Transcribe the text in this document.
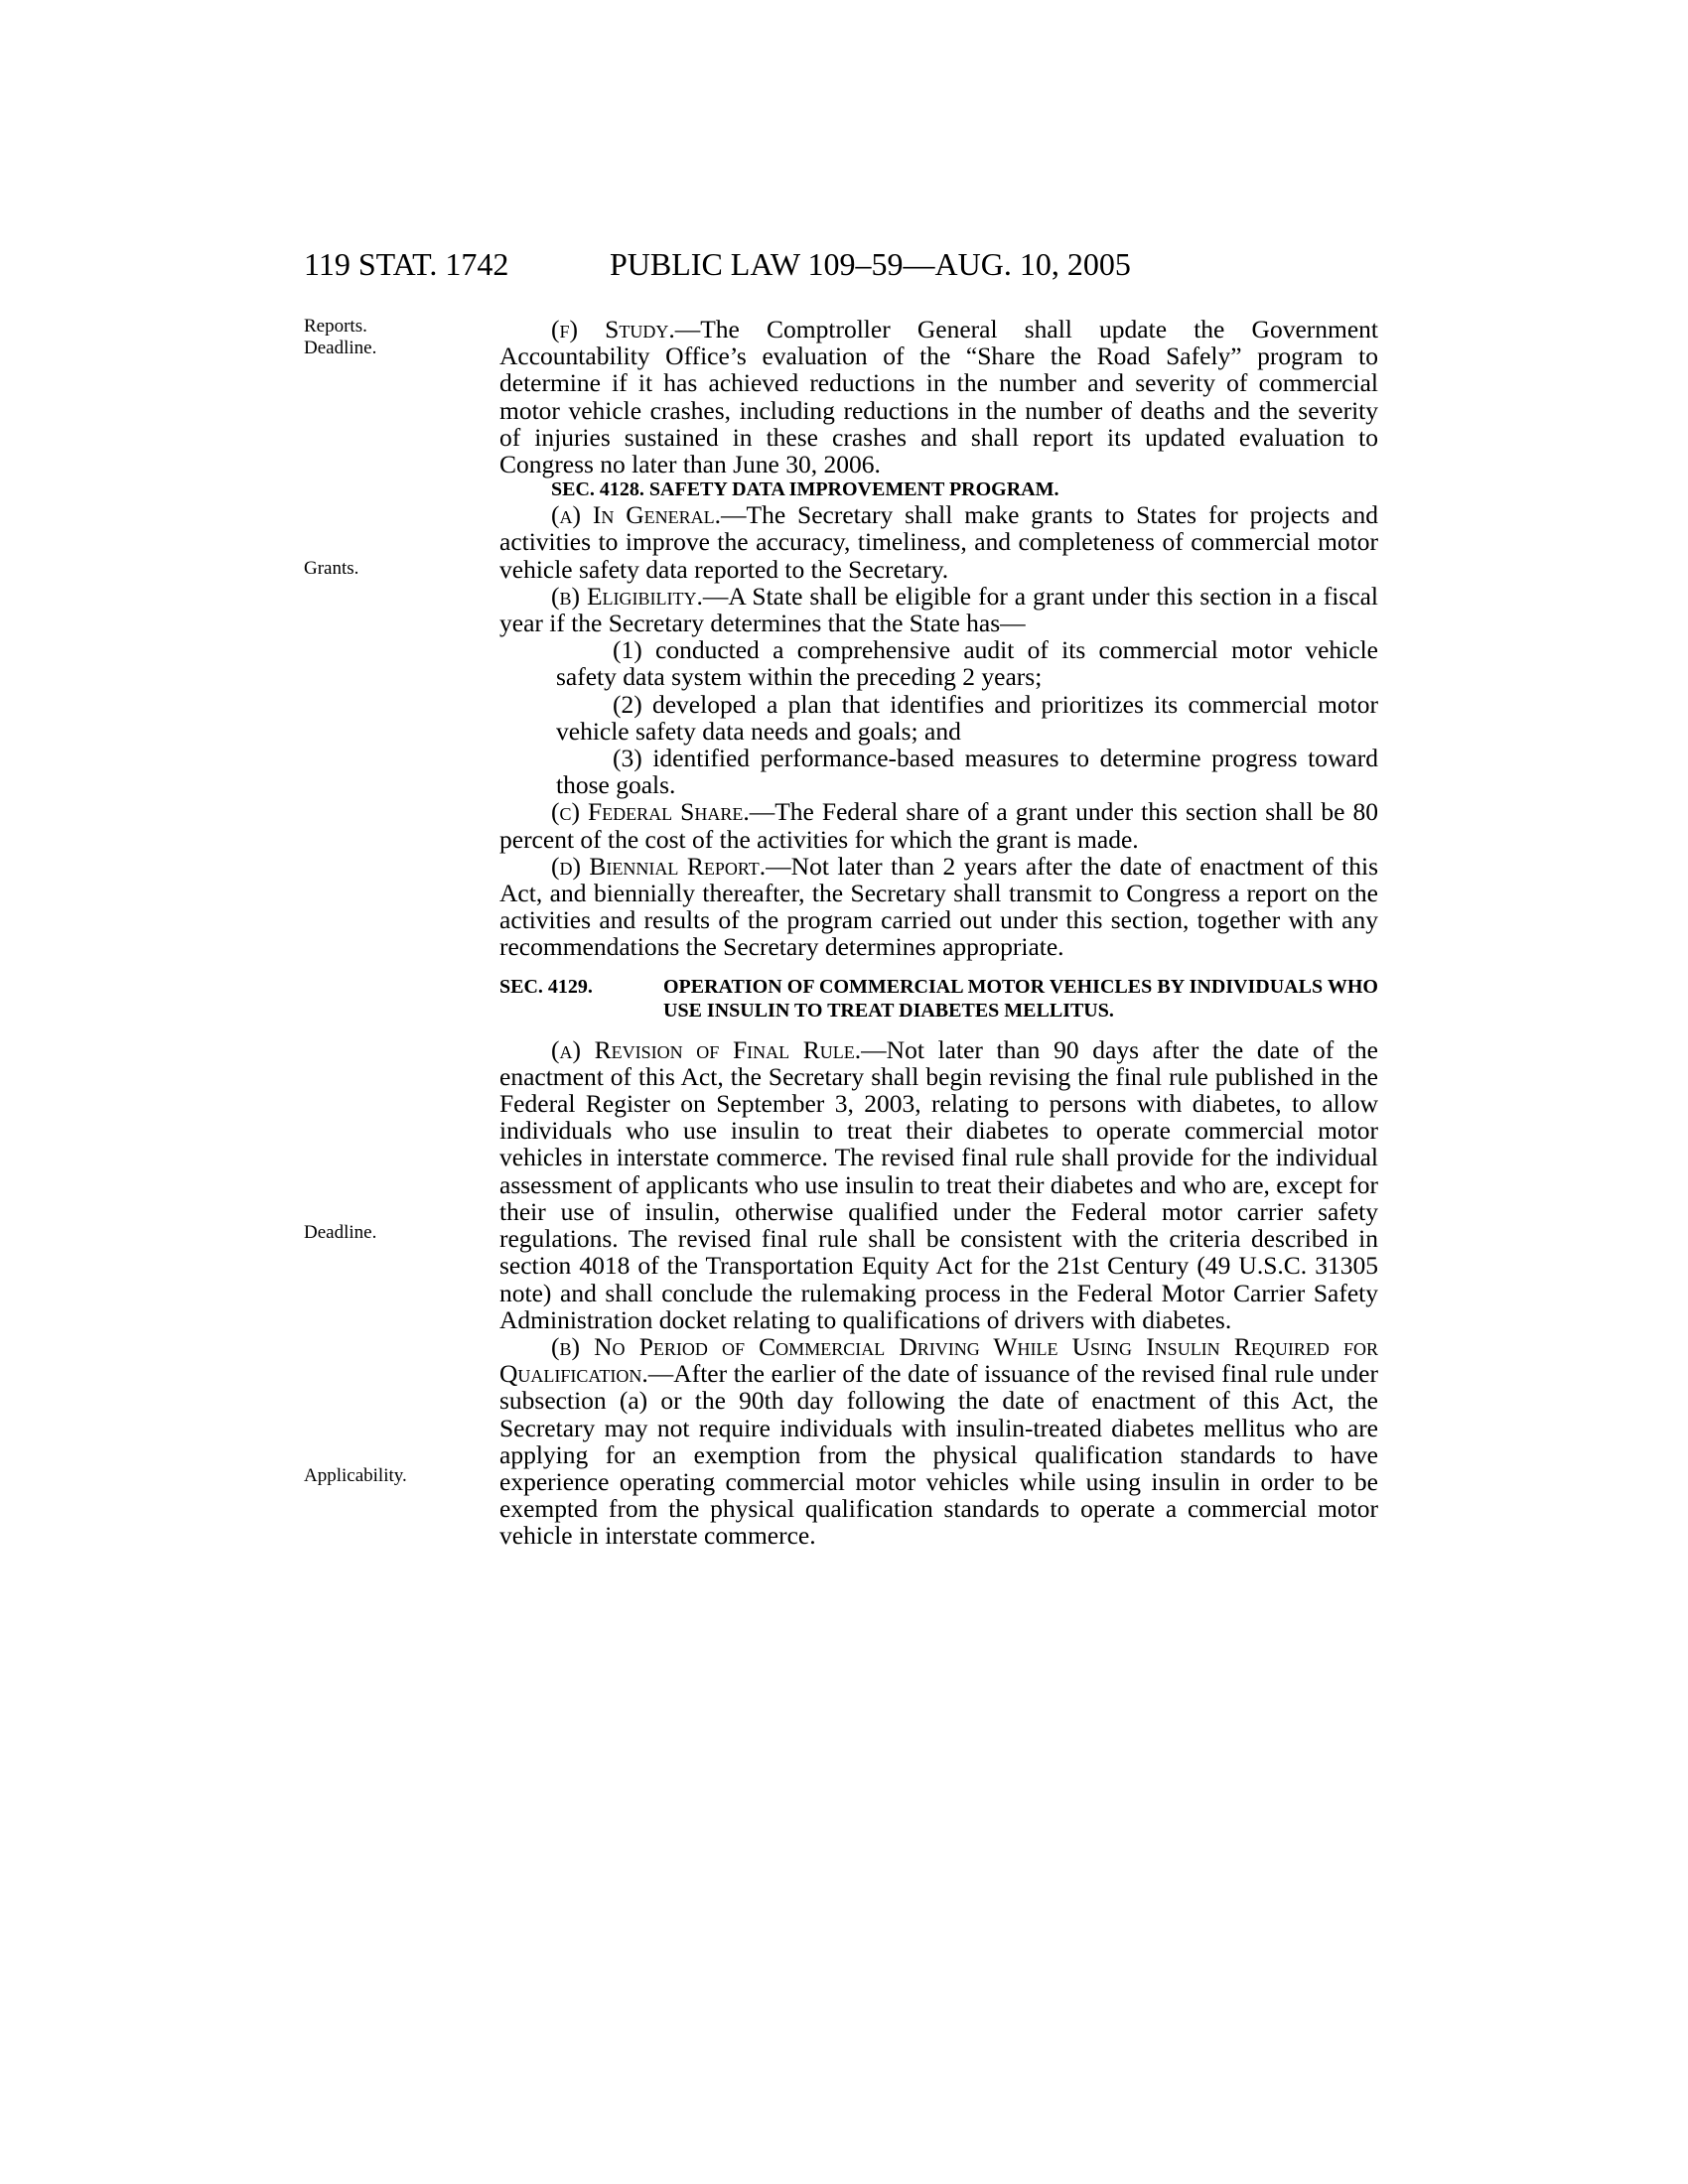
119 STAT. 1742	PUBLIC LAW 109–59—AUG. 10, 2005
Reports.
Deadline.
Grants.
Deadline.
Applicability.

(f) Study.—The Comptroller General shall update the Government Accountability Office’s evaluation of the “Share the Road Safely” program to determine if it has achieved reductions in the number and severity of commercial motor vehicle crashes, including reductions in the number of deaths and the severity of injuries sustained in these crashes and shall report its updated evaluation to Congress no later than June 30, 2006.

SEC. 4128. SAFETY DATA IMPROVEMENT PROGRAM.

(a) In General.—The Secretary shall make grants to States for projects and activities to improve the accuracy, timeliness, and completeness of commercial motor vehicle safety data reported to the Secretary.

(b) Eligibility.—A State shall be eligible for a grant under this section in a fiscal year if the Secretary determines that the State has—

(1) conducted a comprehensive audit of its commercial motor vehicle safety data system within the preceding 2 years;

(2) developed a plan that identifies and prioritizes its commercial motor vehicle safety data needs and goals; and

(3) identified performance-based measures to determine progress toward those goals.

(c) Federal Share.—The Federal share of a grant under this section shall be 80 percent of the cost of the activities for which the grant is made.

(d) Biennial Report.—Not later than 2 years after the date of enactment of this Act, and biennially thereafter, the Secretary shall transmit to Congress a report on the activities and results of the program carried out under this section, together with any recommendations the Secretary determines appropriate.

SEC. 4129.	OPERATION OF COMMERCIAL MOTOR VEHICLES BY INDIVIDUALS WHO USE INSULIN TO TREAT DIABETES MELLITUS.

(a) Revision of Final Rule.—Not later than 90 days after the date of the enactment of this Act, the Secretary shall begin revising the final rule published in the Federal Register on September 3, 2003, relating to persons with diabetes, to allow individuals who use insulin to treat their diabetes to operate commercial motor vehicles in interstate commerce. The revised final rule shall provide for the individual assessment of applicants who use insulin to treat their diabetes and who are, except for their use of insulin, otherwise qualified under the Federal motor carrier safety regulations. The revised final rule shall be consistent with the criteria described in section 4018 of the Transportation Equity Act for the 21st Century (49 U.S.C. 31305 note) and shall conclude the rulemaking process in the Federal Motor Carrier Safety Administration docket relating to qualifications of drivers with diabetes.

(b) No Period of Commercial Driving While Using Insulin Required for Qualification.—After the earlier of the date of issuance of the revised final rule under subsection (a) or the 90th day following the date of enactment of this Act, the Secretary may not require individuals with insulin-treated diabetes mellitus who are applying for an exemption from the physical qualification standards to have experience operating commercial motor vehicles while using insulin in order to be exempted from the physical qualification standards to operate a commercial motor vehicle in interstate commerce.
